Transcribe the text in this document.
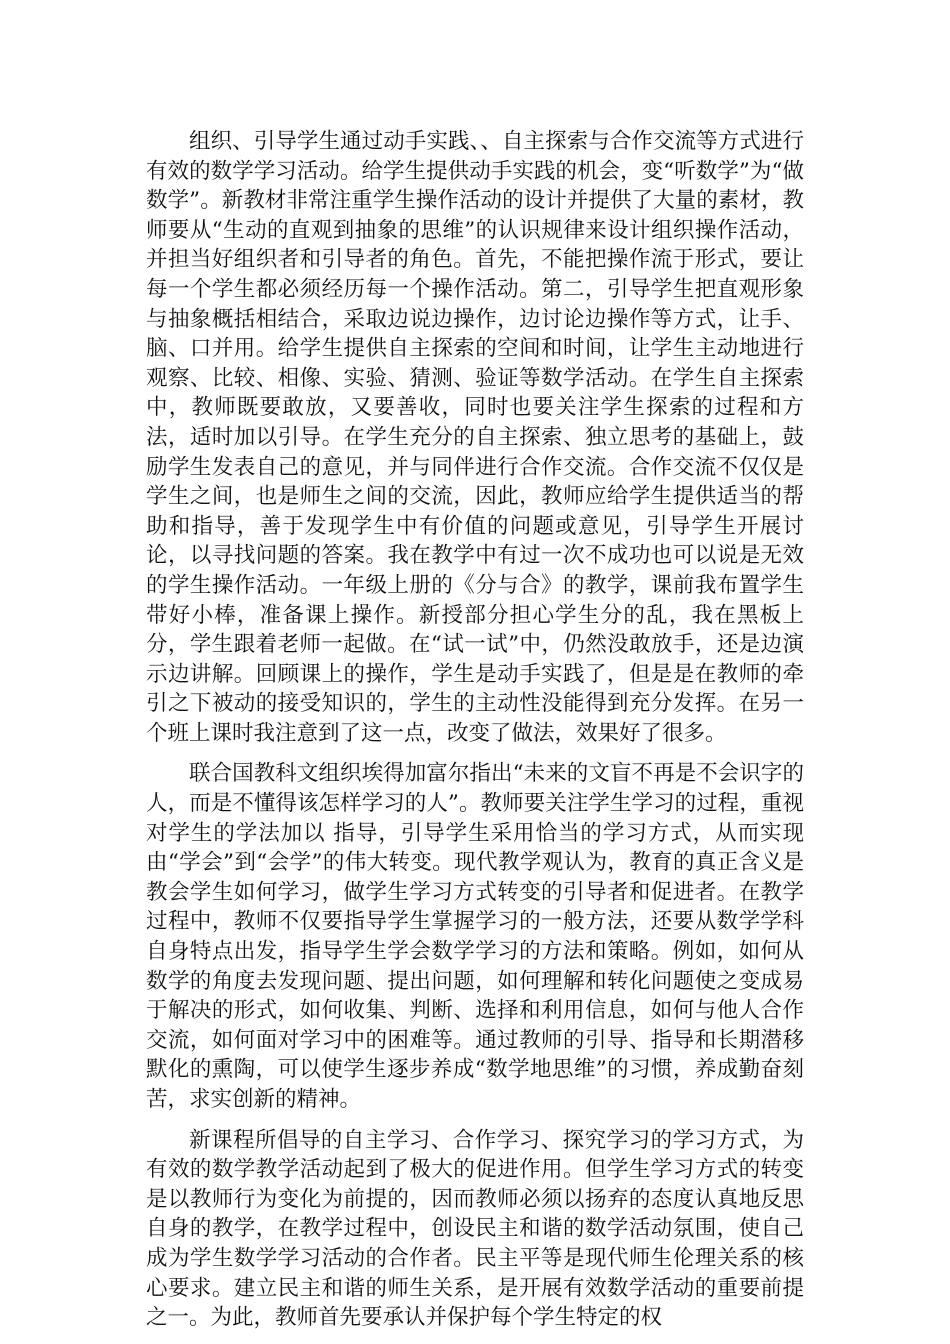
组织、引导学生通过动手实践、、自主探索与合作交流等方式进行有效的数学学习活动。给学生提供动手实践的机会，变“听数学”为“做数学”。新教材非常注重学生操作活动的设计并提供了大量的素材，教师要从“生动的直观到抽象的思维”的认识规律来设计组织操作活动，并担当好组织者和引导者的角色。首先，不能把操作流于形式，要让每一个学生都必须经历每一个操作活动。第二，引导学生把直观形象与抽象概括相结合，采取边说边操作，边讨论边操作等方式，让手、脑、口并用。给学生提供自主探索的空间和时间，让学生主动地进行观察、比较、相像、实验、猜测、验证等数学活动。在学生自主探索中，教师既要敢放，又要善收，同时也要关注学生探索的过程和方法，适时加以引导。在学生充分的自主探索、独立思考的基础上，鼓励学生发表自己的意见，并与同伴进行合作交流。合作交流不仅仅是学生之间，也是师生之间的交流，因此，教师应给学生提供适当的帮助和指导，善于发现学生中有价值的问题或意见，引导学生开展讨论，以寻找问题的答案。我在教学中有过一次不成功也可以说是无效的学生操作活动。一年级上册的《分与合》的教学，课前我布置学生带好小棒，准备课上操作。新授部分担心学生分的乱，我在黑板上分，学生跟着老师一起做。在“试一试”中，仍然没敢放手，还是边演示边讲解。回顾课上的操作，学生是动手实践了，但是是在教师的牵引之下被动的接受知识的，学生的主动性没能得到充分发挥。在另一个班上课时我注意到了这一点，改变了做法，效果好了很多。

联合国教科文组织埃得加富尔指出“未来的文盲不再是不会识字的人，而是不懂得该怎样学习的人”。教师要关注学生学习的过程，重视对学生的学法加以 指导，引导学生采用恰当的学习方式，从而实现由“学会”到“会学”的伟大转变。现代教学观认为，教育的真正含义是教会学生如何学习，做学生学习方式转变的引导者和促进者。在教学过程中，教师不仅要指导学生掌握学习的一般方法，还要从数学学科自身特点出发，指导学生学会数学学习的方法和策略。例如，如何从数学的角度去发现问题、提出问题，如何理解和转化问题使之变成易于解决的形式，如何收集、判断、选择和利用信息，如何与他人合作交流，如何面对学习中的困难等。通过教师的引导、指导和长期潜移默化的熏陶，可以使学生逐步养成“数学地思维”的习惯，养成勤奋刻苦，求实创新的精神。

新课程所倡导的自主学习、合作学习、探究学习的学习方式，为有效的数学教学活动起到了极大的促进作用。但学生学习方式的转变是以教师行为变化为前提的，因而教师必须以扬弃的态度认真地反思自身的教学，在教学过程中，创设民主和谐的数学活动氛围，使自己成为学生数学学习活动的合作者。民主平等是现代师生伦理关系的核心要求。建立民主和谐的师生关系，是开展有效数学活动的重要前提之一。为此，教师首先要承认并保护每个学生特定的权
